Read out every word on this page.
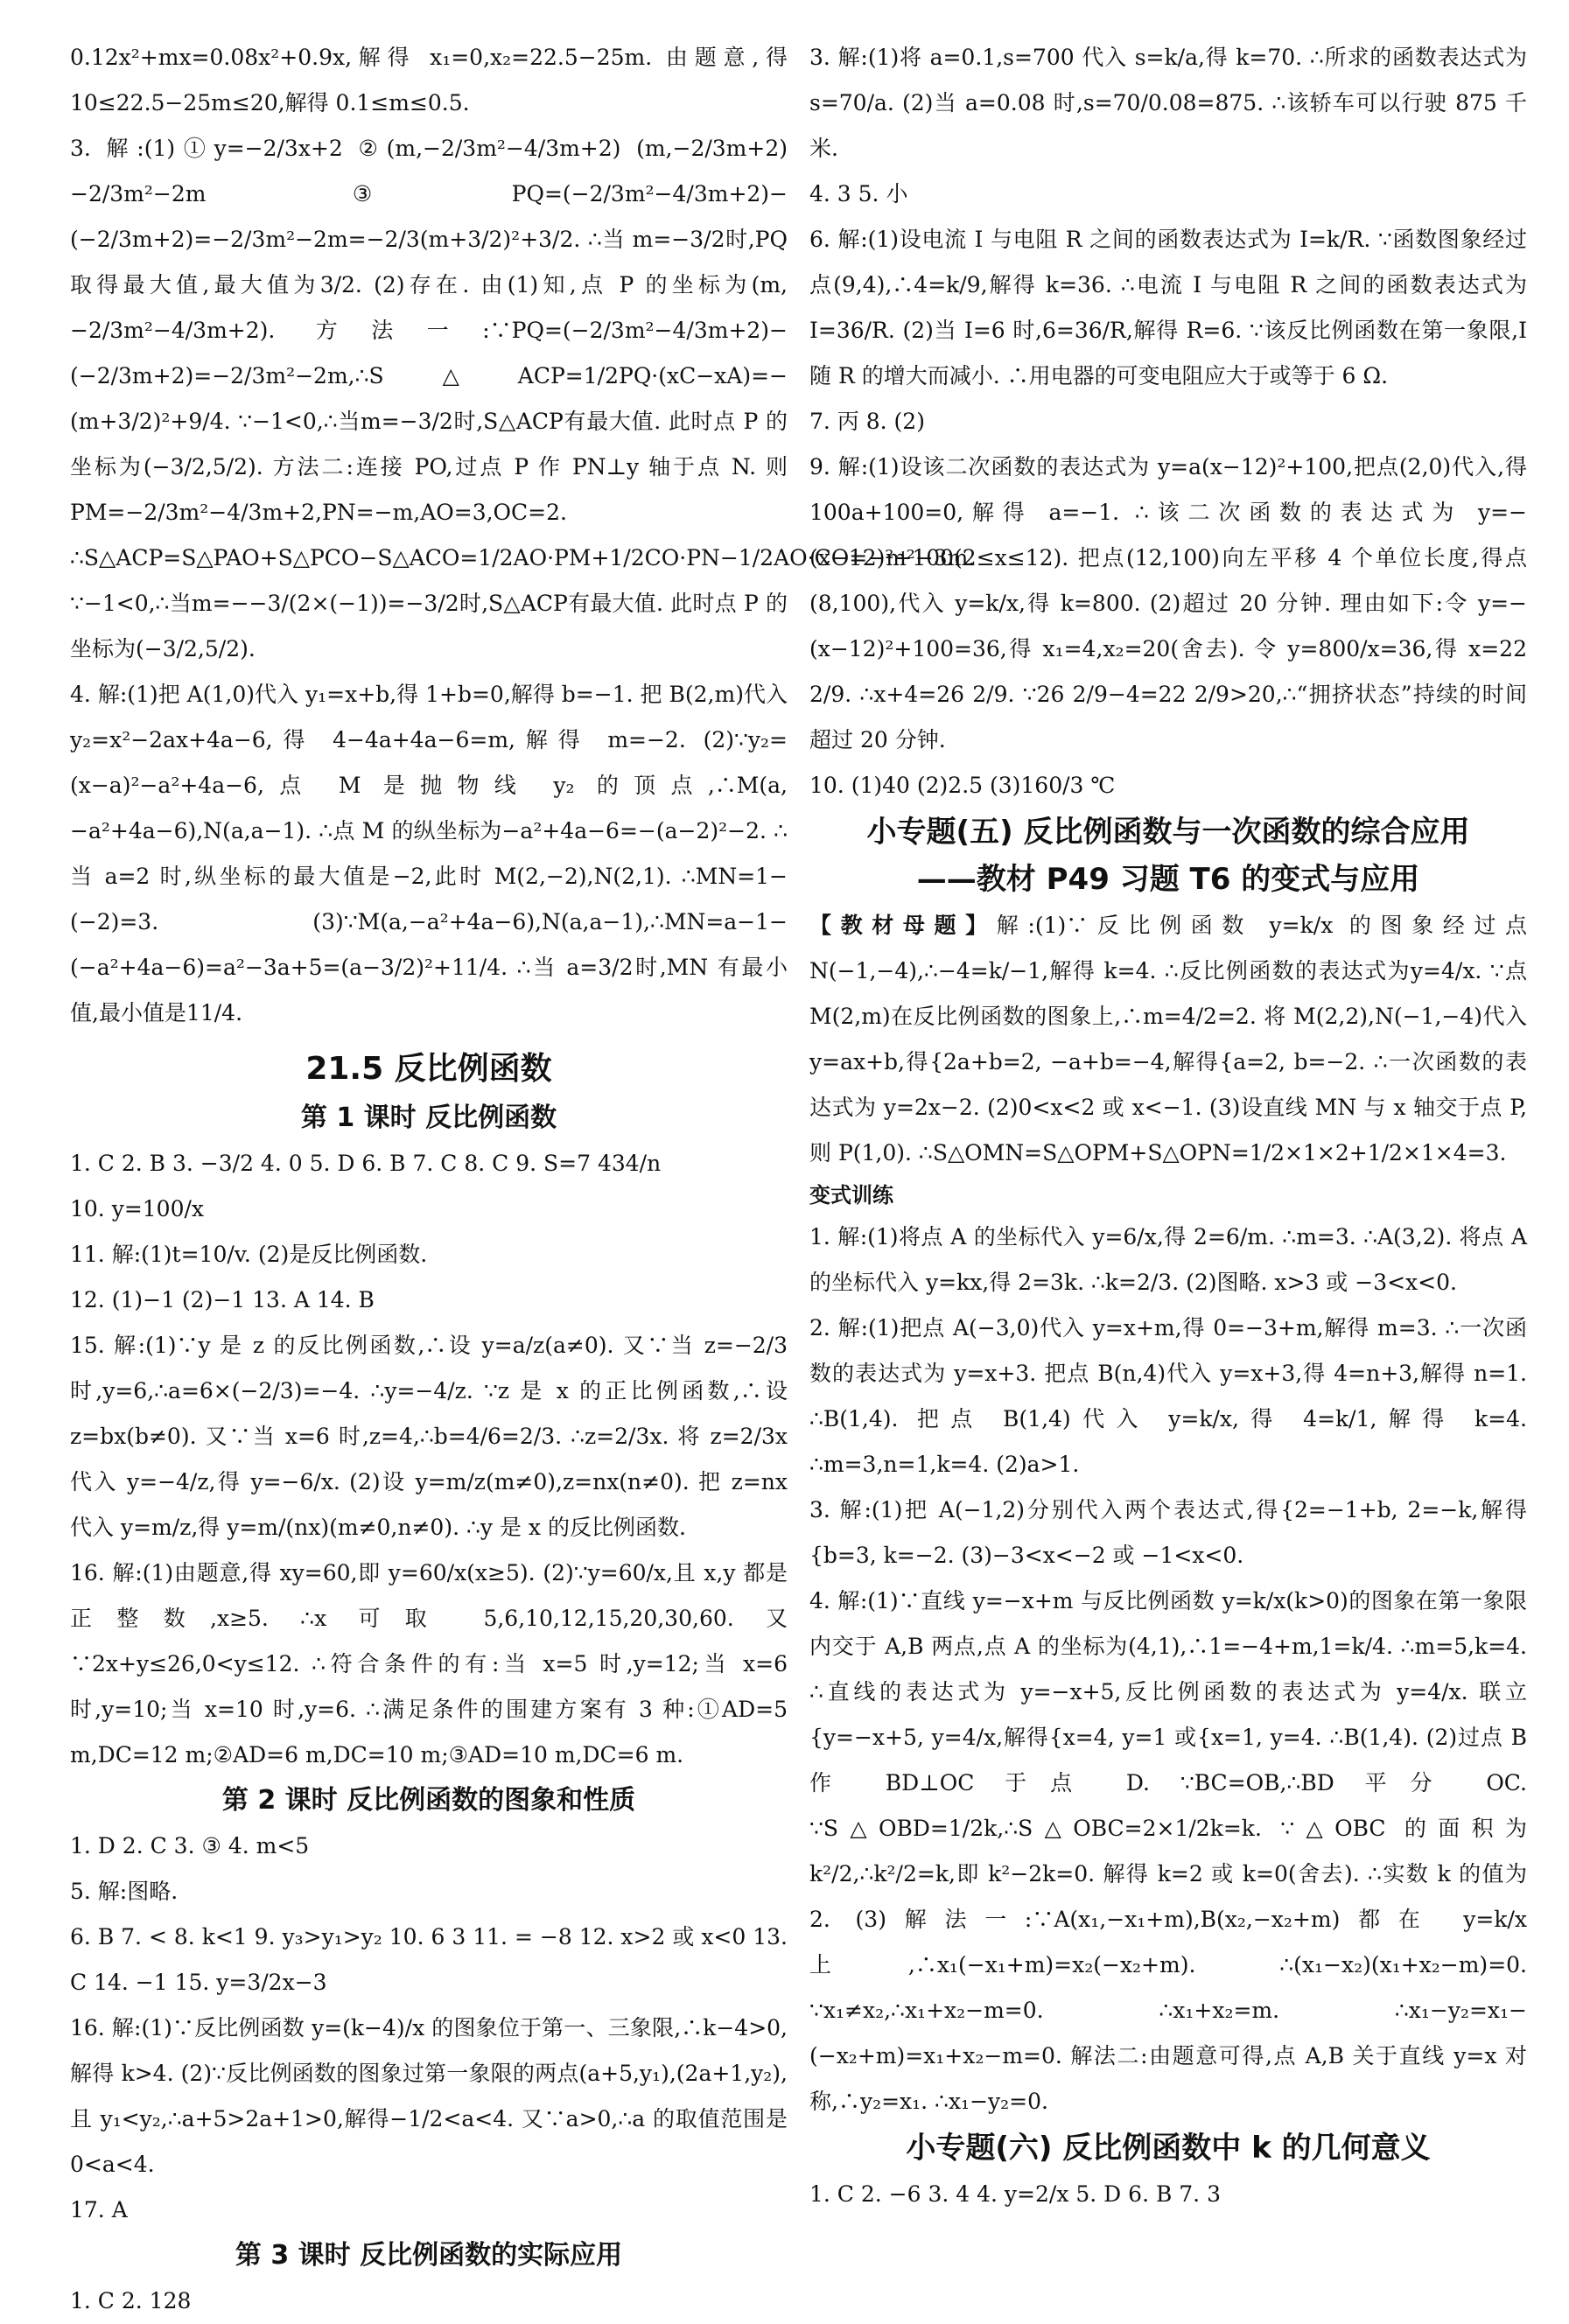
0.12x²+mx=0.08x²+0.9x,解得 x₁=0,x₂=22.5−25m. 由题意,得 10≤22.5−25m≤20,解得 0.1≤m≤0.5.

3. 解:(1)①y=−2/3x+2 ②(m,−2/3m²−4/3m+2) (m,−2/3m+2) −2/3m²−2m ③PQ=(−2/3m²−4/3m+2)−(−2/3m+2)=−2/3m²−2m=−2/3(m+3/2)²+3/2. ∴当 m=−3/2时,PQ 取得最大值,最大值为3/2. (2)存在. 由(1)知,点 P 的坐标为(m,−2/3m²−4/3m+2). 方法一:∵PQ=(−2/3m²−4/3m+2)−(−2/3m+2)=−2/3m²−2m,∴S△ACP=1/2PQ·(xC−xA)=−(m+3/2)²+9/4. ∵−1<0,∴当m=−3/2时,S△ACP有最大值. 此时点 P 的坐标为(−3/2,5/2). 方法二:连接 PO,过点 P 作 PN⊥y 轴于点 N. 则 PM=−2/3m²−4/3m+2,PN=−m,AO=3,OC=2. ∴S△ACP=S△PAO+S△PCO−S△ACO=1/2AO·PM+1/2CO·PN−1/2AO·CO=−m²−3m. ∵−1<0,∴当m=−−3/(2×(−1))=−3/2时,S△ACP有最大值. 此时点 P 的坐标为(−3/2,5/2).

4. 解:(1)把 A(1,0)代入 y₁=x+b,得 1+b=0,解得 b=−1. 把 B(2,m)代入 y₂=x²−2ax+4a−6,得 4−4a+4a−6=m,解得 m=−2. (2)∵y₂=(x−a)²−a²+4a−6,点 M 是抛物线 y₂ 的顶点,∴M(a,−a²+4a−6),N(a,a−1). ∴点 M 的纵坐标为−a²+4a−6=−(a−2)²−2. ∴当 a=2 时,纵坐标的最大值是−2,此时 M(2,−2),N(2,1). ∴MN=1−(−2)=3. (3)∵M(a,−a²+4a−6),N(a,a−1),∴MN=a−1−(−a²+4a−6)=a²−3a+5=(a−3/2)²+11/4. ∴当 a=3/2时,MN 有最小值,最小值是11/4.

21.5 反比例函数
第 1 课时 反比例函数

1. C 2. B 3. −3/2 4. 0 5. D 6. B 7. C 8. C 9. S=7 434/n

10. y=100/x

11. 解:(1)t=10/v. (2)是反比例函数.

12. (1)−1 (2)−1 13. A 14. B

15. 解:(1)∵y 是 z 的反比例函数,∴设 y=a/z(a≠0). 又∵当 z=−2/3时,y=6,∴a=6×(−2/3)=−4. ∴y=−4/z. ∵z 是 x 的正比例函数,∴设 z=bx(b≠0). 又∵当 x=6 时,z=4,∴b=4/6=2/3. ∴z=2/3x. 将 z=2/3x 代入 y=−4/z,得 y=−6/x. (2)设 y=m/z(m≠0),z=nx(n≠0). 把 z=nx 代入 y=m/z,得 y=m/(nx)(m≠0,n≠0). ∴y 是 x 的反比例函数.

16. 解:(1)由题意,得 xy=60,即 y=60/x(x≥5). (2)∵y=60/x,且 x,y 都是正整数,x≥5. ∴x 可取 5,6,10,12,15,20,30,60. 又∵2x+y≤26,0<y≤12. ∴符合条件的有:当 x=5 时,y=12;当 x=6 时,y=10;当 x=10 时,y=6. ∴满足条件的围建方案有 3 种:①AD=5 m,DC=12 m;②AD=6 m,DC=10 m;③AD=10 m,DC=6 m.

第 2 课时 反比例函数的图象和性质

1. D 2. C 3. ③ 4. m<5

5. 解:图略.

6. B 7. < 8. k<1 9. y₃>y₁>y₂ 10. 6 3 11. = −8 12. x>2 或 x<0 13. C 14. −1 15. y=3/2x−3

16. 解:(1)∵反比例函数 y=(k−4)/x 的图象位于第一、三象限,∴k−4>0,解得 k>4. (2)∵反比例函数的图象过第一象限的两点(a+5,y₁),(2a+1,y₂),且 y₁<y₂,∴a+5>2a+1>0,解得−1/2<a<4. 又∵a>0,∴a 的取值范围是 0<a<4.

17. A

第 3 课时 反比例函数的实际应用

1. C 2. 128

3. 解:(1)将 a=0.1,s=700 代入 s=k/a,得 k=70. ∴所求的函数表达式为 s=70/a. (2)当 a=0.08 时,s=70/0.08=875. ∴该轿车可以行驶 875 千米.

4. 3 5. 小

6. 解:(1)设电流 I 与电阻 R 之间的函数表达式为 I=k/R. ∵函数图象经过点(9,4),∴4=k/9,解得 k=36. ∴电流 I 与电阻 R 之间的函数表达式为 I=36/R. (2)当 I=6 时,6=36/R,解得 R=6. ∵该反比例函数在第一象限,I 随 R 的增大而减小. ∴用电器的可变电阻应大于或等于 6 Ω.

7. 丙 8. (2)

9. 解:(1)设该二次函数的表达式为 y=a(x−12)²+100,把点(2,0)代入,得 100a+100=0,解得 a=−1. ∴该二次函数的表达式为 y=−(x−12)²+100(2≤x≤12). 把点(12,100)向左平移 4 个单位长度,得点(8,100),代入 y=k/x,得 k=800. (2)超过 20 分钟. 理由如下:令 y=−(x−12)²+100=36,得 x₁=4,x₂=20(舍去). 令 y=800/x=36,得 x=22 2/9. ∴x+4=26 2/9. ∵26 2/9−4=22 2/9>20,∴“拥挤状态”持续的时间超过 20 分钟.

10. (1)40 (2)2.5 (3)160/3 ℃

小专题(五) 反比例函数与一次函数的综合应用
——教材 P49 习题 T6 的变式与应用

【教材母题】解:(1)∵反比例函数 y=k/x 的图象经过点N(−1,−4),∴−4=k/−1,解得 k=4. ∴反比例函数的表达式为y=4/x. ∵点 M(2,m)在反比例函数的图象上,∴m=4/2=2. 将 M(2,2),N(−1,−4)代入 y=ax+b,得{2a+b=2, −a+b=−4,解得{a=2, b=−2. ∴一次函数的表达式为 y=2x−2. (2)0<x<2 或 x<−1. (3)设直线 MN 与 x 轴交于点 P,则 P(1,0). ∴S△OMN=S△OPM+S△OPN=1/2×1×2+1/2×1×4=3.

变式训练

1. 解:(1)将点 A 的坐标代入 y=6/x,得 2=6/m. ∴m=3. ∴A(3,2). 将点 A 的坐标代入 y=kx,得 2=3k. ∴k=2/3. (2)图略. x>3 或 −3<x<0.

2. 解:(1)把点 A(−3,0)代入 y=x+m,得 0=−3+m,解得 m=3. ∴一次函数的表达式为 y=x+3. 把点 B(n,4)代入 y=x+3,得 4=n+3,解得 n=1. ∴B(1,4). 把点 B(1,4)代入 y=k/x,得 4=k/1,解得 k=4. ∴m=3,n=1,k=4. (2)a>1.

3. 解:(1)把 A(−1,2)分别代入两个表达式,得{2=−1+b, 2=−k,解得{b=3, k=−2. (3)−3<x<−2 或 −1<x<0.

4. 解:(1)∵直线 y=−x+m 与反比例函数 y=k/x(k>0)的图象在第一象限内交于 A,B 两点,点 A 的坐标为(4,1),∴1=−4+m,1=k/4. ∴m=5,k=4. ∴直线的表达式为 y=−x+5,反比例函数的表达式为 y=4/x. 联立{y=−x+5, y=4/x,解得{x=4, y=1 或{x=1, y=4. ∴B(1,4). (2)过点 B 作 BD⊥OC 于点 D. ∵BC=OB,∴BD 平分 OC. ∵S△OBD=1/2k,∴S△OBC=2×1/2k=k. ∵△OBC 的面积为k²/2,∴k²/2=k,即 k²−2k=0. 解得 k=2 或 k=0(舍去). ∴实数 k 的值为 2. (3)解法一:∵A(x₁,−x₁+m),B(x₂,−x₂+m)都在 y=k/x 上,∴x₁(−x₁+m)=x₂(−x₂+m). ∴(x₁−x₂)(x₁+x₂−m)=0. ∵x₁≠x₂,∴x₁+x₂−m=0. ∴x₁+x₂=m. ∴x₁−y₂=x₁−(−x₂+m)=x₁+x₂−m=0. 解法二:由题意可得,点 A,B 关于直线 y=x 对称,∴y₂=x₁. ∴x₁−y₂=0.

小专题(六) 反比例函数中 k 的几何意义

1. C 2. −6 3. 4 4. y=2/x 5. D 6. B 7. 3
